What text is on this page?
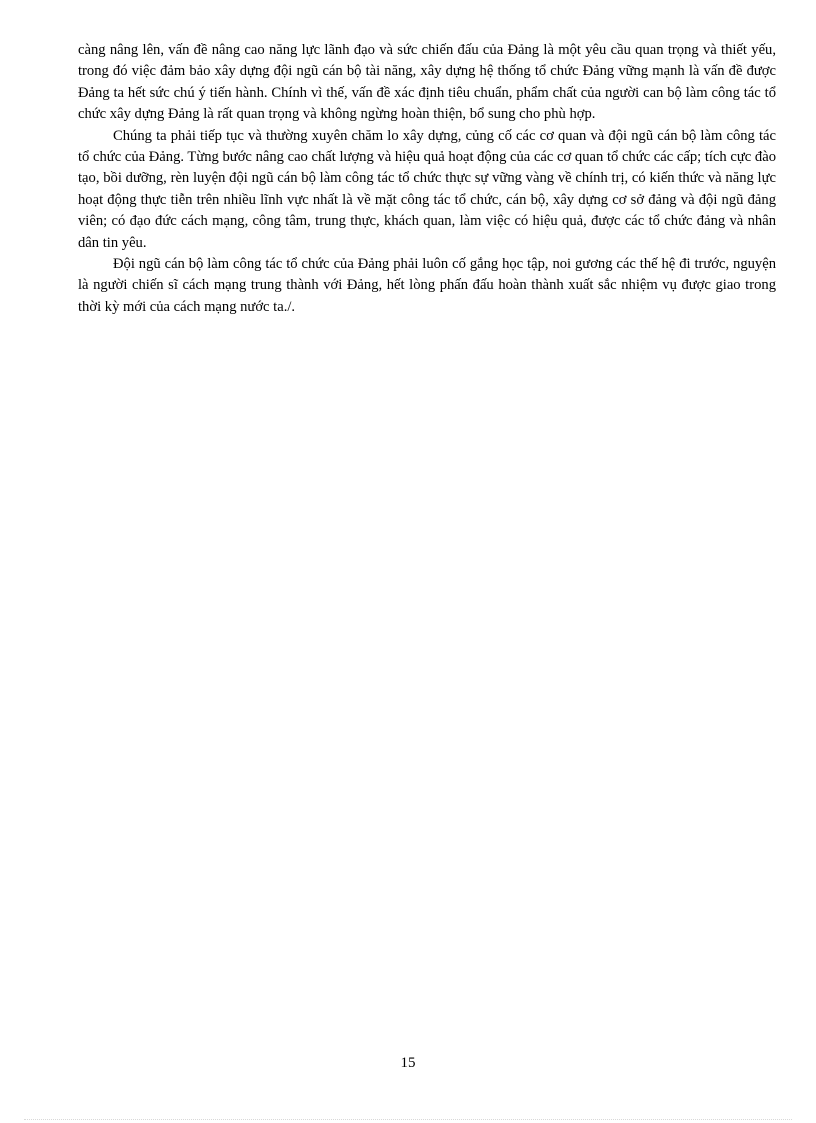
càng nâng lên, vấn đề nâng cao năng lực lãnh đạo và sức chiến đấu của Đảng là một yêu cầu quan trọng và thiết yếu, trong đó việc đảm bảo xây dựng đội ngũ cán bộ tài năng, xây dựng hệ thống tổ chức Đảng vững mạnh là vấn đề được Đảng ta hết sức chú ý tiến hành. Chính vì thế, vấn đề xác định tiêu chuẩn, phẩm chất của người can bộ làm công tác tổ chức xây dựng Đảng là rất quan trọng và không ngừng hoàn thiện, bổ sung cho phù hợp.

Chúng ta phải tiếp tục và thường xuyên chăm lo xây dựng, củng cố các cơ quan và đội ngũ cán bộ làm công tác tổ chức của Đảng. Từng bước nâng cao chất lượng và hiệu quả hoạt động của các cơ quan tổ chức các cấp; tích cực đào tạo, bồi dưỡng, rèn luyện đội ngũ cán bộ làm công tác tổ chức thực sự vững vàng về chính trị, có kiến thức và năng lực hoạt động thực tiễn trên nhiều lĩnh vực nhất là về mặt công tác tổ chức, cán bộ, xây dựng cơ sở đảng và đội ngũ đảng viên; có đạo đức cách mạng, công tâm, trung thực, khách quan, làm việc có hiệu quả, được các tổ chức đảng và nhân dân tin yêu.

Đội ngũ cán bộ làm công tác tổ chức của Đảng phải luôn cố gắng học tập, noi gương các thế hệ đi trước, nguyện là người chiến sĩ cách mạng trung thành với Đảng, hết lòng phấn đấu hoàn thành xuất sắc nhiệm vụ được giao trong thời kỳ mới của cách mạng nước ta./.

15
